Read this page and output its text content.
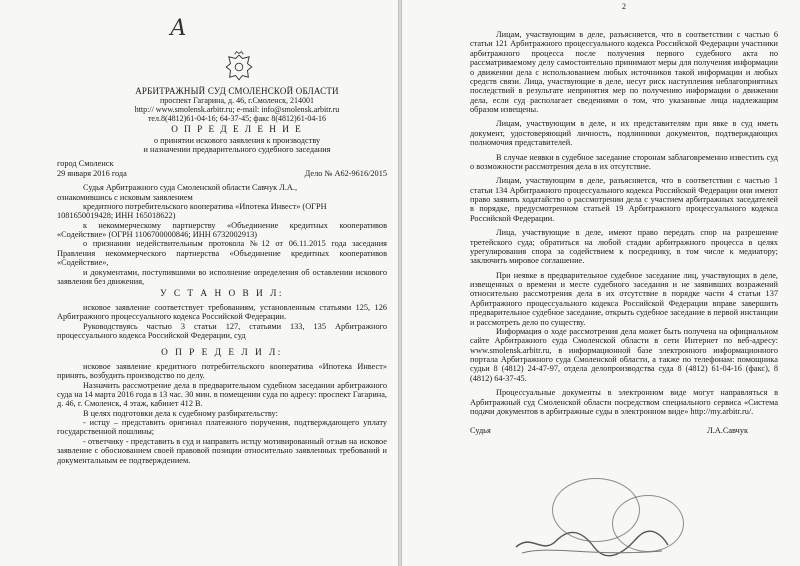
А
АРБИТРАЖНЫЙ СУД СМОЛЕНСКОЙ ОБЛАСТИ
проспект Гагарина, д. 46, г.Смоленск, 214001
http:// www.smolensk.arbitr.ru; e-mail: info@smolensk.arbitr.ru
тел.8(4812)61-04-16; 64-37-45; факс 8(4812)61-04-16
О П Р Е Д Е Л Е Н И Е
о принятии искового заявления к производству
и назначении предварительного судебного заседания

город Смоленск

29 января 2016 года	Дело № А62-9616/2015

Судья Арбитражного суда Смоленской области Савчук Л.А.,

ознакомившись с исковым заявлением

кредитного потребительского кооператива «Ипотека Инвест» (ОГРН

1081650019428; ИНН 165018622)

к некоммерческому партнерству «Объединение кредитных кооперативов «Содействие» (ОГРН 1106700000846; ИНН 6732002913)

о признании недействительным протокола №12 от 06.11.2015 года заседания Правления некоммерческого партнерства «Объединение кредитных кооперативов «Содействие»,

и документами, поступившими во исполнение определения об оставлении искового заявления без движения,

У С Т А Н О В И Л:

исковое заявление соответствует требованиям, установленным статьями 125, 126 Арбитражного процессуального кодекса Российской Федерации.

Руководствуясь частью 3 статьи 127, статьями 133, 135 Арбитражного процессуального кодекса Российской Федерации, суд

О П Р Е Д Е Л И Л:

исковое заявление кредитного потребительского кооператива «Ипотека Инвест» принять, возбудить производство по делу.

Назначить рассмотрение дела в предварительном судебном заседании арбитражного суда на 14 марта 2016 года в 13 час. 30 мин. в помещении суда по адресу: проспект Гагарина, д. 46, г. Смоленск, 4 этаж, кабинет 412 В.

В целях подготовки дела к судебному разбирательству:

- истцу – представить оригинал платежного поручения, подтверждающего уплату государственной пошлины;

- ответчику - представить в суд и направить истцу мотивированный отзыв на исковое заявление с обоснованием своей правовой позиции относительно заявленных требований и документальным ее подтверждением.

2

Лицам, участвующим в деле, разъясняется, что в соответствии с частью 6 статьи 121 Арбитражного процессуального кодекса Российской Федерации участники арбитражного процесса после получения первого судебного акта по рассматриваемому делу самостоятельно принимают меры для получения информации о движении дела с использованием любых источников такой информации и любых средств связи. Лица, участвующие в деле, несут риск наступления неблагоприятных последствий в результате непринятия мер по получению информации о движении дела, если суд располагает сведениями о том, что указанные лица надлежащим образом извещены.

Лицам, участвующим в деле, и их представителям при явке в суд иметь документ, удостоверяющий личность, подлинники документов, подтверждающих полномочия представителей.

В случае неявки в судебное заседание сторонам заблаговременно известить суд о возможности рассмотрения дела в их отсутствие.

Лицам, участвующим в деле, разъясняется, что в соответствии с частью 1 статьи 134 Арбитражного процессуального кодекса Российской Федерации они имеют право заявить ходатайство о рассмотрении дела с участием арбитражных заседателей в порядке, предусмотренном статьей 19 Арбитражного процессуального кодекса Российской Федерации.

Лица, участвующие в деле, имеют право передать спор на разрешение третейского суда; обратиться на любой стадии арбитражного процесса в целях урегулирования спора за содействием к посреднику, в том числе к медиатору; заключить мировое соглашение.

При неявке в предварительное судебное заседание лиц, участвующих в деле, извещенных о времени и месте судебного заседания и не заявивших возражений относительно рассмотрения дела в их отсутствие в порядке части 4 статьи 137 Арбитражного процессуального кодекса Российской Федерации вправе завершить предварительное судебное заседание, открыть судебное заседание в первой инстанции и рассмотреть дело по существу.

Информация о ходе рассмотрения дела может быть получена на официальном сайте Арбитражного суда Смоленской области в сети Интернет по веб-адресу: www.smolensk.arbitr.ru, в информационной базе электронного информационного портала Арбитражного суда Смоленской области, а также по телефонам: помощника судьи 8 (4812) 24-47-97, отдела делопроизводства суда 8 (4812) 61-04-16 (факс), 8 (4812) 64-37-45.

Процессуальные документы в электронном виде могут направляться в Арбитражный суд Смоленской области посредством специального сервиса «Система подачи документов в арбитражные суды в электронном виде» http://my.arbitr.ru/.

Судья	Л.А.Савчук
